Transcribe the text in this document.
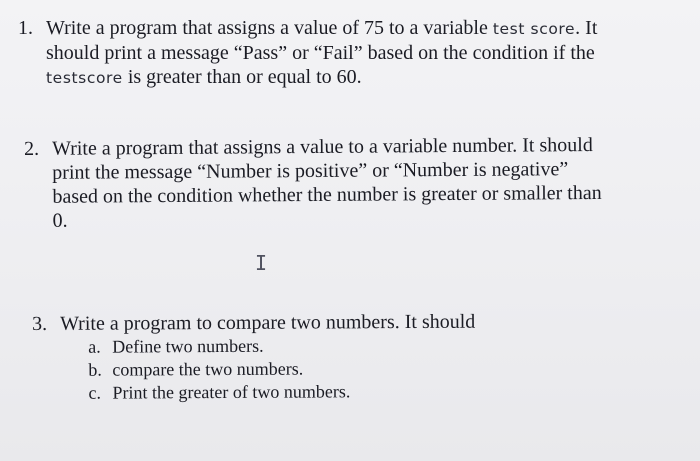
1. Write a program that assigns a value of 75 to a variable test score. It
should print a message “Pass” or “Fail” based on the condition if the
testscore is greater than or equal to 60.
2. Write a program that assigns a value to a variable number. It should
print the message “Number is positive” or “Number is negative”
based on the condition whether the number is greater or smaller than
0.
I
3. Write a program to compare two numbers. It should
a. Define two numbers.
b. compare the two numbers.
c. Print the greater of two numbers.
